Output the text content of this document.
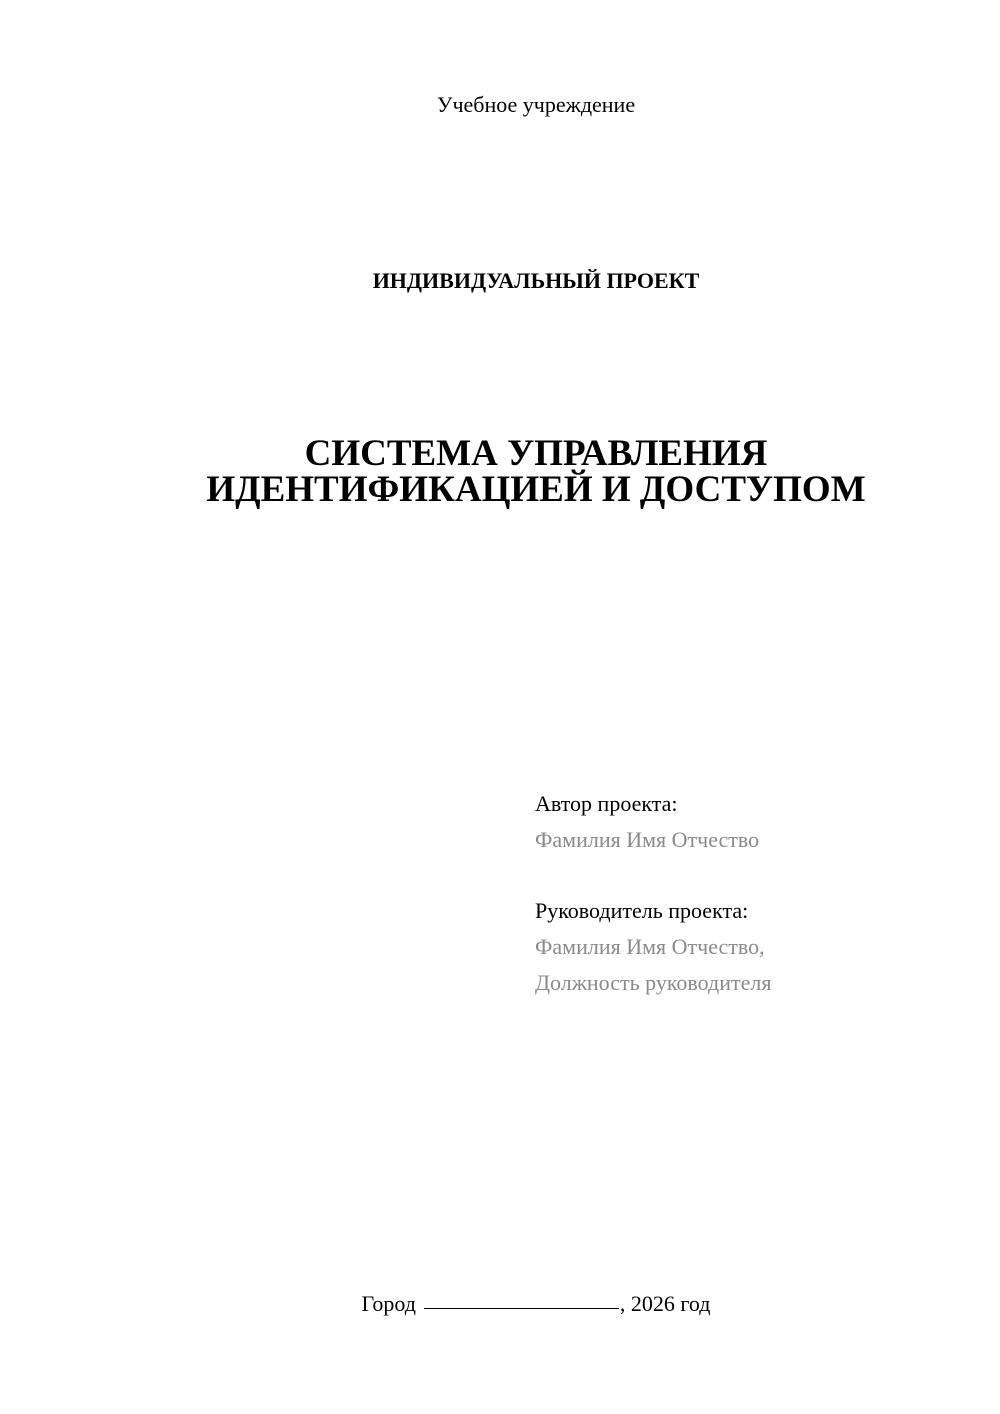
Учебное учреждение
ИНДИВИДУАЛЬНЫЙ ПРОЕКТ
СИСТЕМА УПРАВЛЕНИЯ
ИДЕНТИФИКАЦИЕЙ И ДОСТУПОМ
Автор проекта:
Фамилия Имя Отчество
Руководитель проекта:
Фамилия Имя Отчество,
Должность руководителя
Город	, 2026 год
